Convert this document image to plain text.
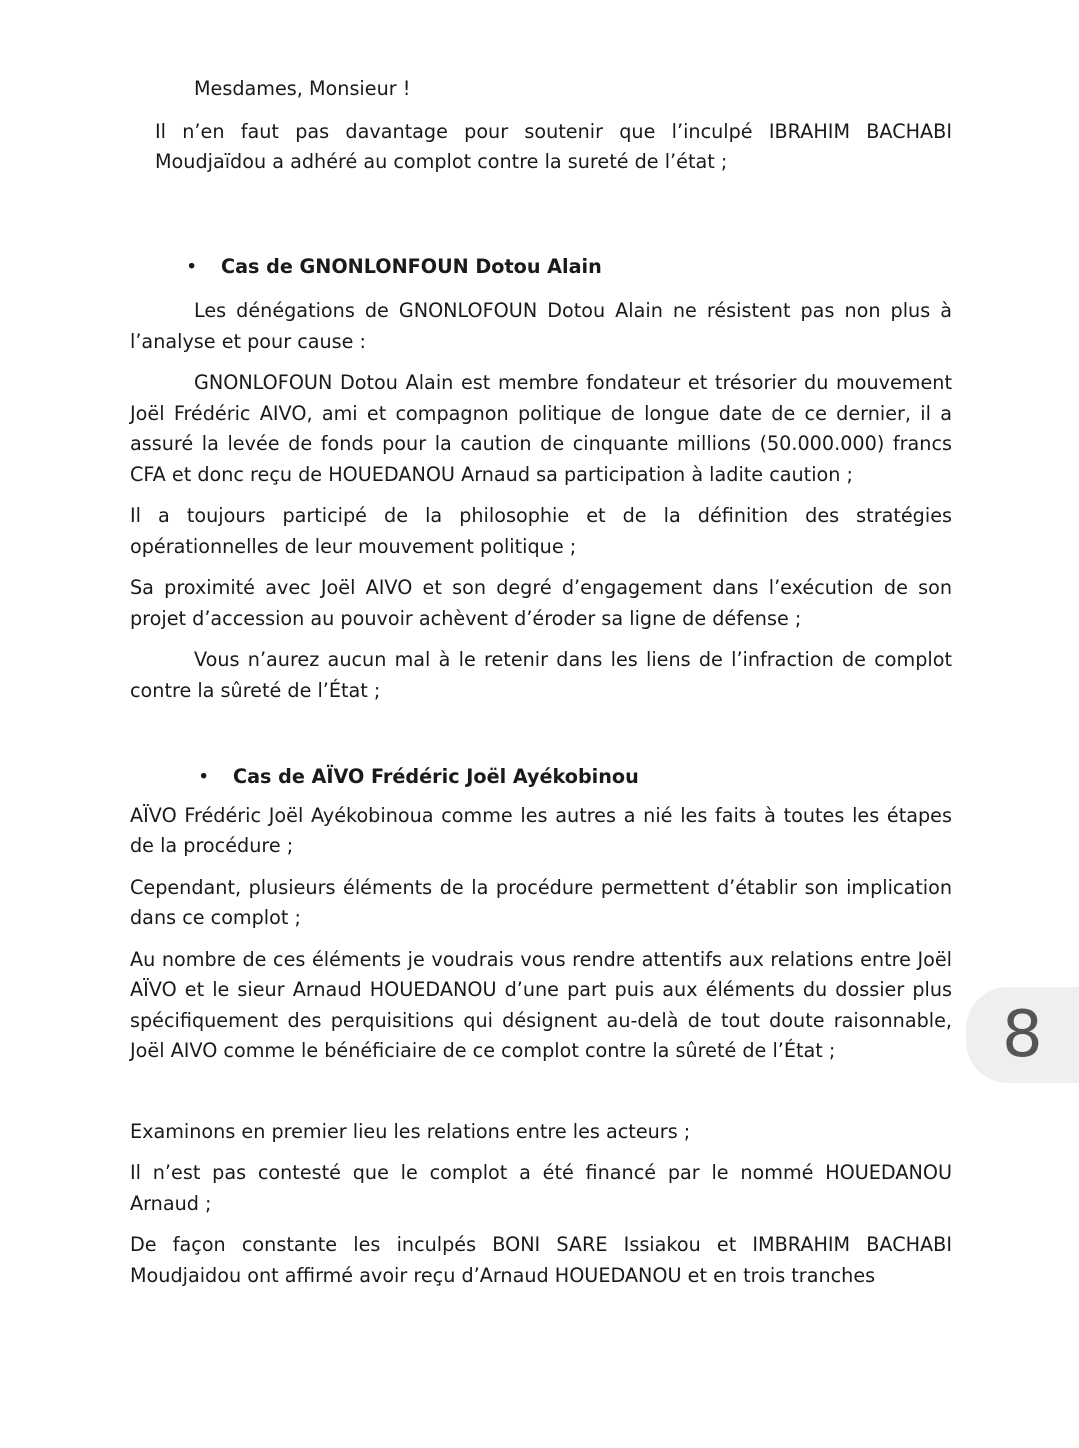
Mesdames, Monsieur !

Il n’en faut pas davantage pour soutenir que l’inculpé IBRAHIM BACHABI Moudjaïdou a adhéré au complot contre la sureté de l’état ;

• Cas de GNONLONFOUN Dotou Alain

Les dénégations de GNONLOFOUN Dotou Alain ne résistent pas non plus à l’analyse et pour cause :

GNONLOFOUN Dotou Alain est membre fondateur et trésorier du mouvement Joël Frédéric AIVO, ami et compagnon politique de longue date de ce dernier, il a assuré la levée de fonds pour la caution de cinquante millions (50.000.000) francs CFA et donc reçu de HOUEDANOU Arnaud sa participation à ladite caution ;

Il a toujours participé de la philosophie et de la définition des stratégies opérationnelles de leur mouvement politique ;

Sa proximité avec Joël AIVO et son degré d’engagement dans l’exécution de son projet d’accession au pouvoir achèvent d’éroder sa ligne de défense ;

Vous n’aurez aucun mal à le retenir dans les liens de l’infraction de complot contre la sûreté de l’État ;

• Cas de AÏVO Frédéric Joël Ayékobinou

AÏVO Frédéric Joël Ayékobinoua comme les autres a nié les faits à toutes les étapes de la procédure ;

Cependant, plusieurs éléments de la procédure permettent d’établir son implication dans ce complot ;

Au nombre de ces éléments je voudrais vous rendre attentifs aux relations entre Joël AÏVO et le sieur Arnaud HOUEDANOU d’une part puis aux éléments du dossier plus spécifiquement des perquisitions qui désignent au-delà de tout doute raisonnable, Joël AIVO comme le bénéficiaire de ce complot contre la sûreté de l’État ;

Examinons en premier lieu les relations entre les acteurs ;

Il n’est pas contesté que le complot a été financé par le nommé HOUEDANOU Arnaud ;

De façon constante les inculpés BONI SARE Issiakou et IMBRAHIM BACHABI Moudjaidou ont affirmé avoir reçu d’Arnaud HOUEDANOU et en trois tranches

8
